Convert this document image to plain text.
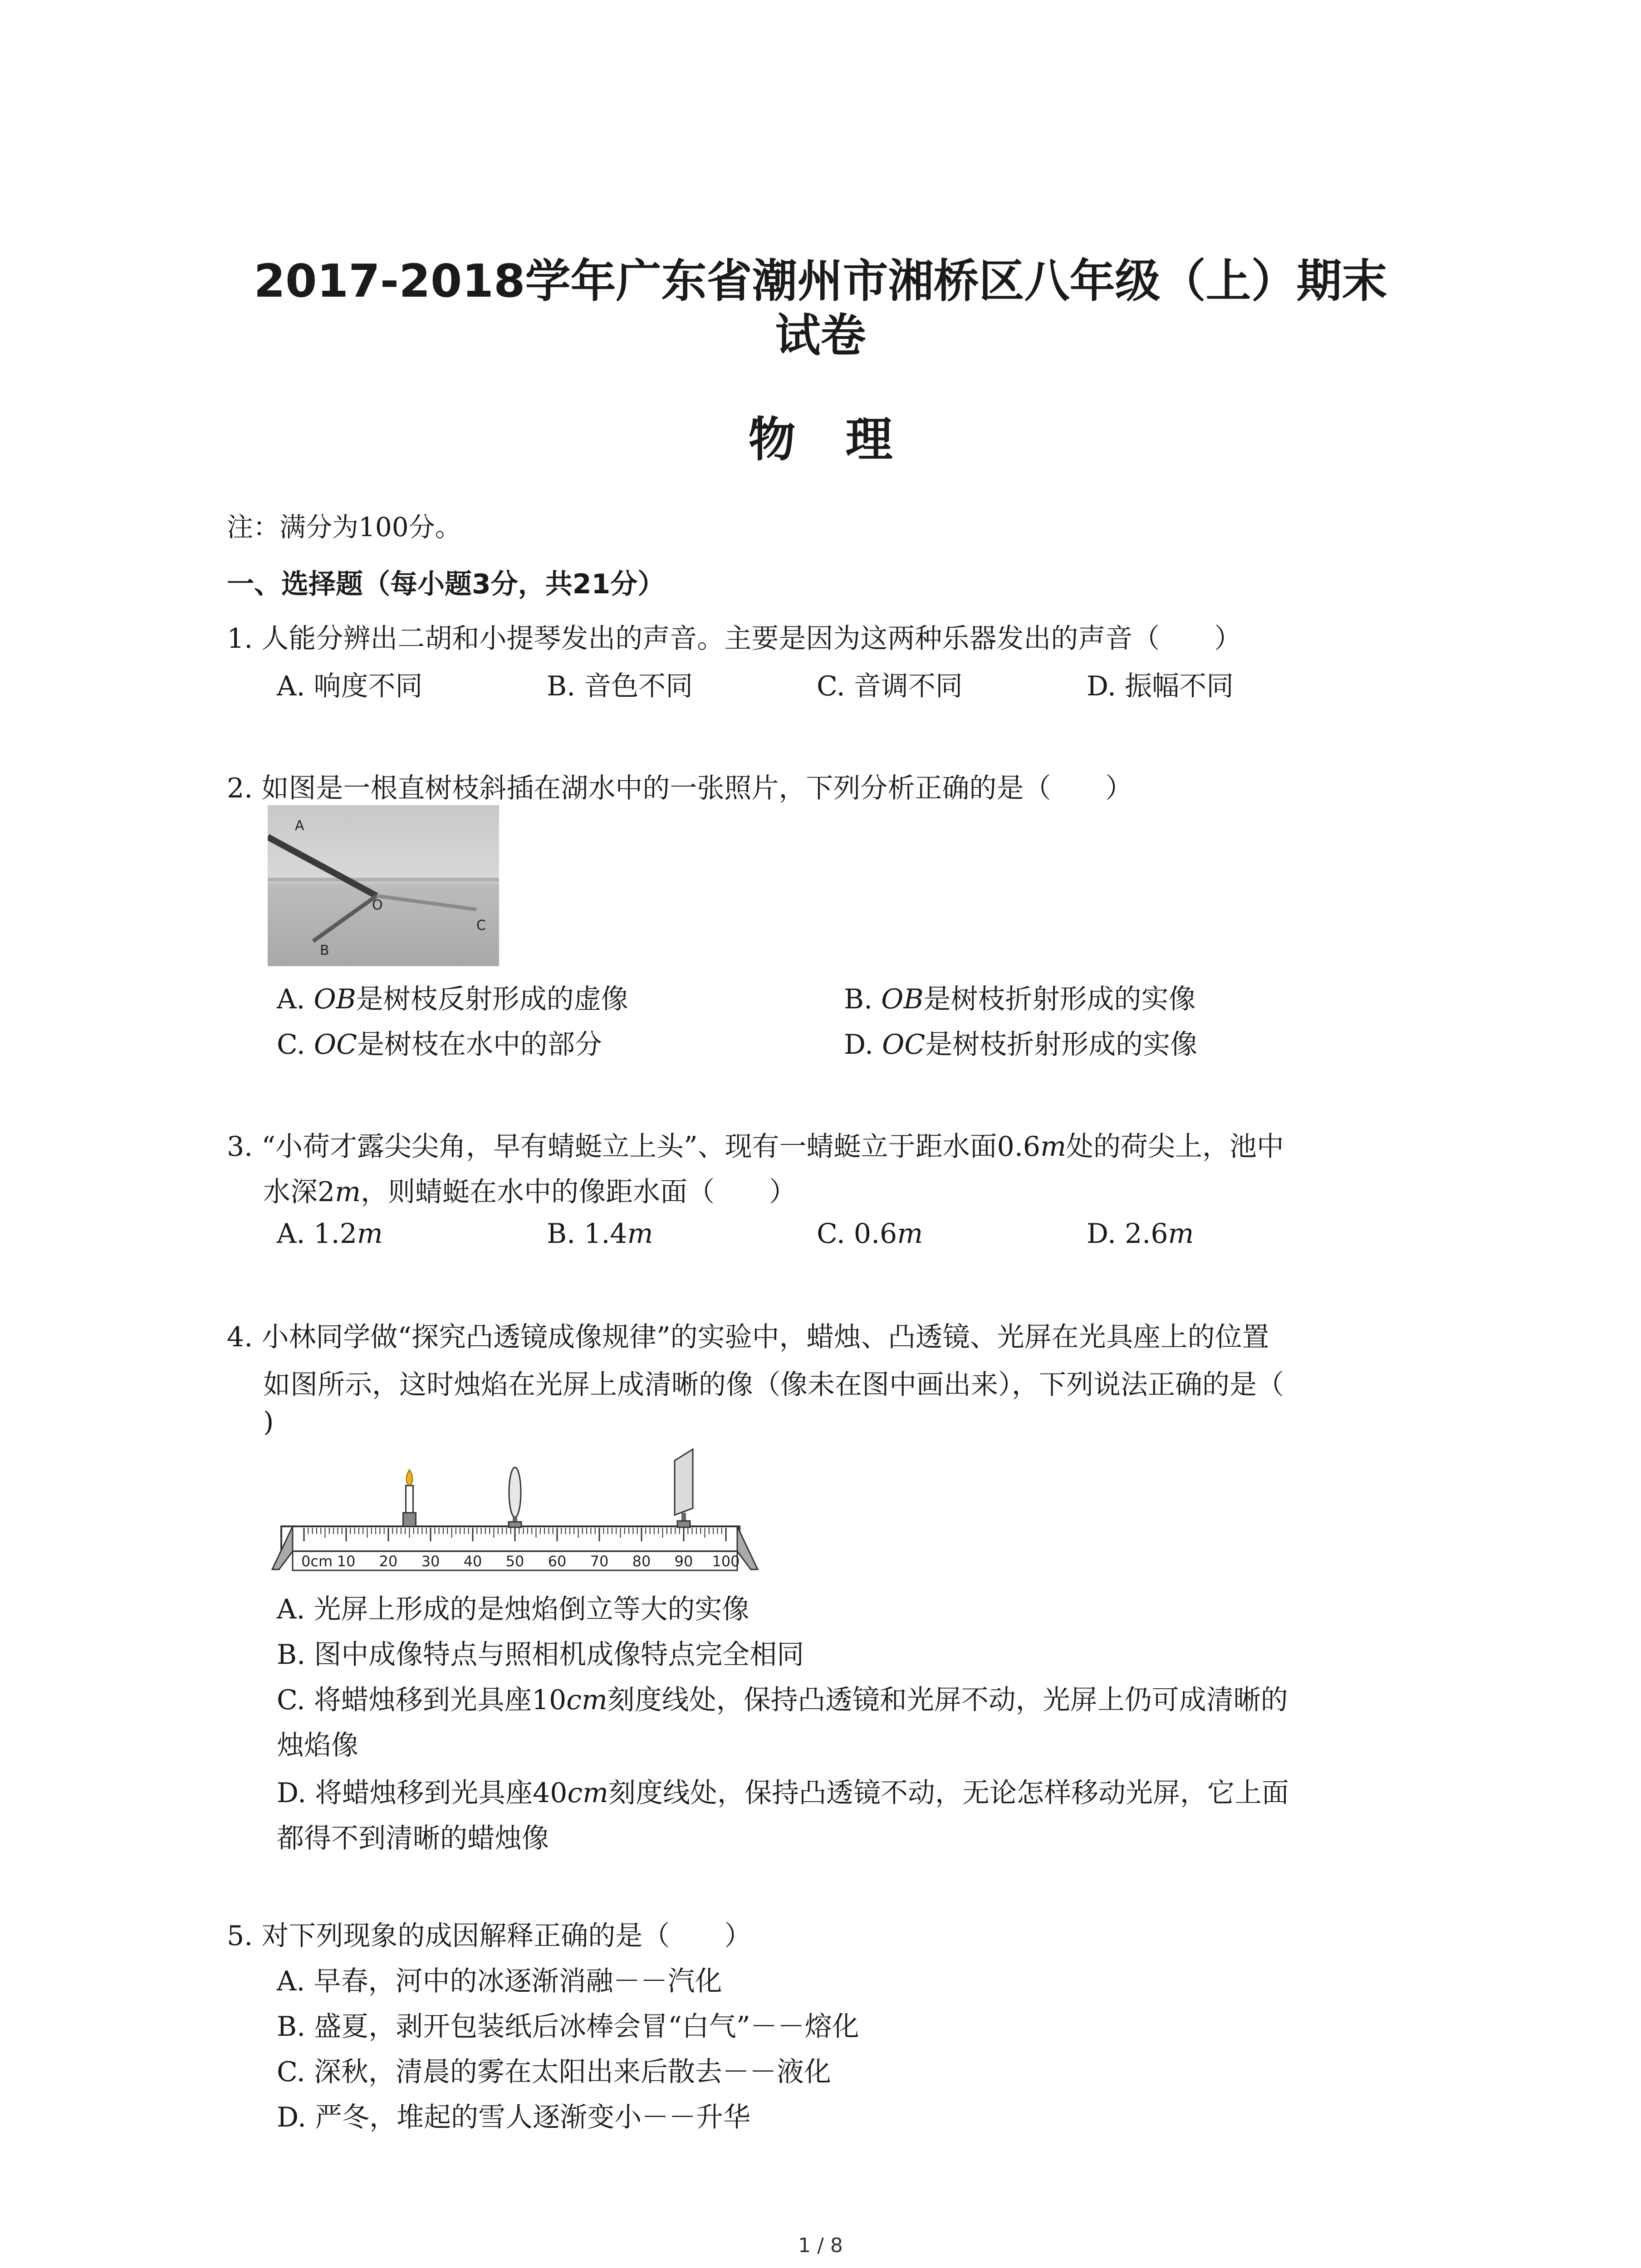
2017-2018学年广东省潮州市湘桥区八年级（上）期末
试卷
物理
注：满分为100分。
一、选择题（每小题3分，共21分）
1. 人能分辨出二胡和小提琴发出的声音。主要是因为这两种乐器发出的声音（　　）
A. 响度不同	B. 音色不同	C. 音调不同	D. 振幅不同
2. 如图是一根直树枝斜插在湖水中的一张照片，下列分析正确的是（　　）
A
O
B
C
A. OB是树枝反射形成的虚像	B. OB是树枝折射形成的实像
C. OC是树枝在水中的部分	D. OC是树枝折射形成的实像
3. “小荷才露尖尖角，早有蜻蜓立上头”、现有一蜻蜓立于距水面0.6m处的荷尖上，池中
水深2m，则蜻蜓在水中的像距水面（　　）
A. 1.2m	B. 1.4m	C. 0.6m	D. 2.6m
4. 小林同学做“探究凸透镜成像规律”的实验中，蜡烛、凸透镜、光屏在光具座上的位置
如图所示，这时烛焰在光屏上成清晰的像（像未在图中画出来），下列说法正确的是（
)
0cm 10 20 30 40 50 60 70 80 90 100
A. 光屏上形成的是烛焰倒立等大的实像
B. 图中成像特点与照相机成像特点完全相同
C. 将蜡烛移到光具座10cm刻度线处，保持凸透镜和光屏不动，光屏上仍可成清晰的
烛焰像
D. 将蜡烛移到光具座40cm刻度线处，保持凸透镜不动，无论怎样移动光屏，它上面
都得不到清晰的蜡烛像
5. 对下列现象的成因解释正确的是（　　）
A. 早春，河中的冰逐渐消融－－汽化
B. 盛夏，剥开包装纸后冰棒会冒“白气”－－熔化
C. 深秋，清晨的雾在太阳出来后散去－－液化
D. 严冬，堆起的雪人逐渐变小－－升华
1 / 8
